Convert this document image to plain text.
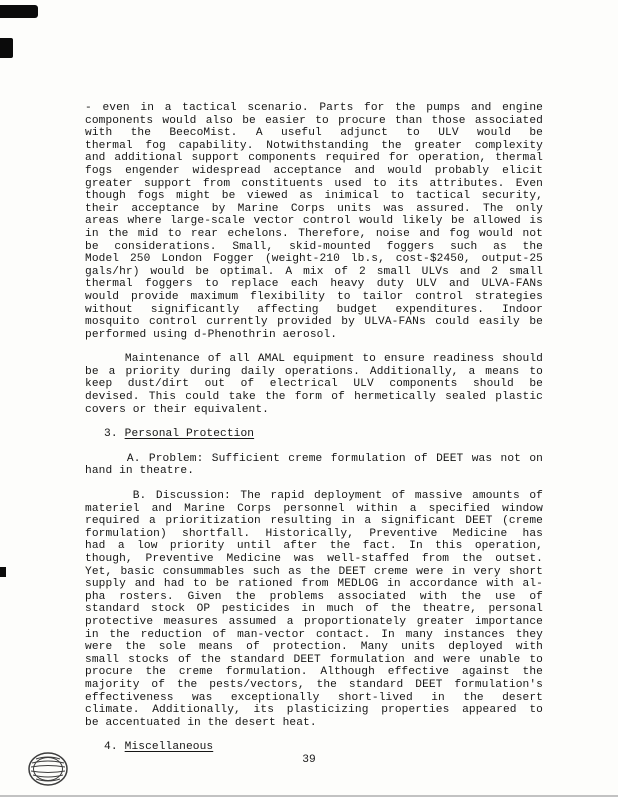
- even in a tactical scenario. Parts for the pumps and engine
components would also be easier to procure than those associated
with the BeecoMist. A useful adjunct to ULV would be
thermal fog capability. Notwithstanding the greater complexity
and additional support components required for operation, thermal
fogs engender widespread acceptance and would probably elicit
greater support from constituents used to its attributes. Even
though fogs might be viewed as inimical to tactical security,
their acceptance by Marine Corps units was assured. The only
areas where large-scale vector control would likely be allowed is
in the mid to rear echelons. Therefore, noise and fog would not
be considerations. Small, skid-mounted foggers such as the
Model 250 London Fogger (weight-210 lb.s, cost-$2450, output-25
gals/hr) would be optimal. A mix of 2 small ULVs and 2 small
thermal foggers to replace each heavy duty ULV and ULVA-FANs
would provide maximum flexibility to tailor control strategies
without significantly affecting budget expenditures. Indoor
mosquito control currently provided by ULVA-FANs could easily be
performed using d-Phenothrin aerosol.
Maintenance of all AMAL equipment to ensure readiness should
be a priority during daily operations. Additionally, a means to
keep dust/dirt out of electrical ULV components should be
devised. This could take the form of hermetically sealed plastic
covers or their equivalent.
3. Personal Protection
A. Problem: Sufficient creme formulation of DEET was not on
hand in theatre.
B. Discussion: The rapid deployment of massive amounts of
materiel and Marine Corps personnel within a specified window
required a prioritization resulting in a significant DEET (creme
formulation) shortfall. Historically, Preventive Medicine has
had a low priority until after the fact. In this operation,
though, Preventive Medicine was well-staffed from the outset.
Yet, basic consummables such as the DEET creme were in very short
supply and had to be rationed from MEDLOG in accordance with al-
pha rosters. Given the problems associated with the use of
standard stock OP pesticides in much of the theatre, personal
protective measures assumed a proportionately greater importance
in the reduction of man-vector contact. In many instances they
were the sole means of protection. Many units deployed with
small stocks of the standard DEET formulation and were unable to
procure the creme formulation. Although effective against the
majority of the pests/vectors, the standard DEET formulation's
effectiveness was exceptionally short-lived in the desert
climate. Additionally, its plasticizing properties appeared to
be accentuated in the desert heat.
4. Miscellaneous
39
